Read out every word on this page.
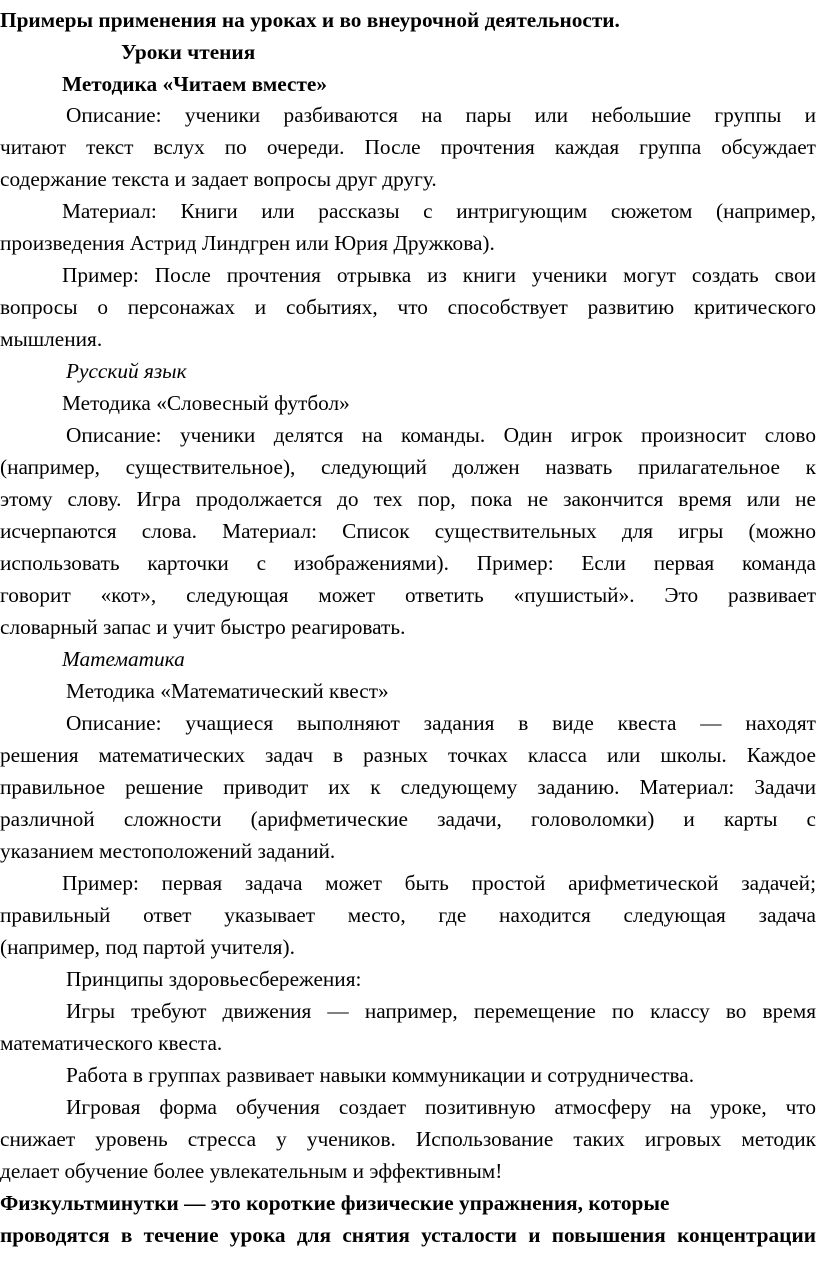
Примеры применения на уроках и во внеурочной деятельности.
Уроки чтения
Методика «Читаем вместе»
Описание: ученики разбиваются на пары или небольшие группы и
читают текст вслух по очереди. После прочтения каждая группа обсуждает
содержание текста и задает вопросы друг другу.
Материал: Книги или рассказы с интригующим сюжетом (например,
произведения Астрид Линдгрен или Юрия Дружкова).
Пример: После прочтения отрывка из книги ученики могут создать свои
вопросы о персонажах и событиях, что способствует развитию критического
мышления.
Русский язык
Методика «Словесный футбол»
Описание: ученики делятся на команды. Один игрок произносит слово
(например, существительное), следующий должен назвать прилагательное к
этому слову. Игра продолжается до тех пор, пока не закончится время или не
исчерпаются слова. Материал: Список существительных для игры (можно
использовать карточки с изображениями). Пример: Если первая команда
говорит «кот», следующая может ответить «пушистый». Это развивает
словарный запас и учит быстро реагировать.
Математика
Методика «Математический квест»
Описание: учащиеся выполняют задания в виде квеста — находят
решения математических задач в разных точках класса или школы. Каждое
правильное решение приводит их к следующему заданию. Материал: Задачи
различной сложности (арифметические задачи, головоломки) и карты с
указанием местоположений заданий.
Пример: первая задача может быть простой арифметической задачей;
правильный ответ указывает место, где находится следующая задача
(например, под партой учителя).
Принципы здоровьесбережения:
Игры требуют движения — например, перемещение по классу во время
математического квеста.
Работа в группах развивает навыки коммуникации и сотрудничества.
Игровая форма обучения создает позитивную атмосферу на уроке, что
снижает уровень стресса у учеников. Использование таких игровых методик
делает обучение более увлекательным и эффективным!
Физкультминутки — это короткие физические упражнения, которые
проводятся в течение урока для снятия усталости и повышения концентрации
